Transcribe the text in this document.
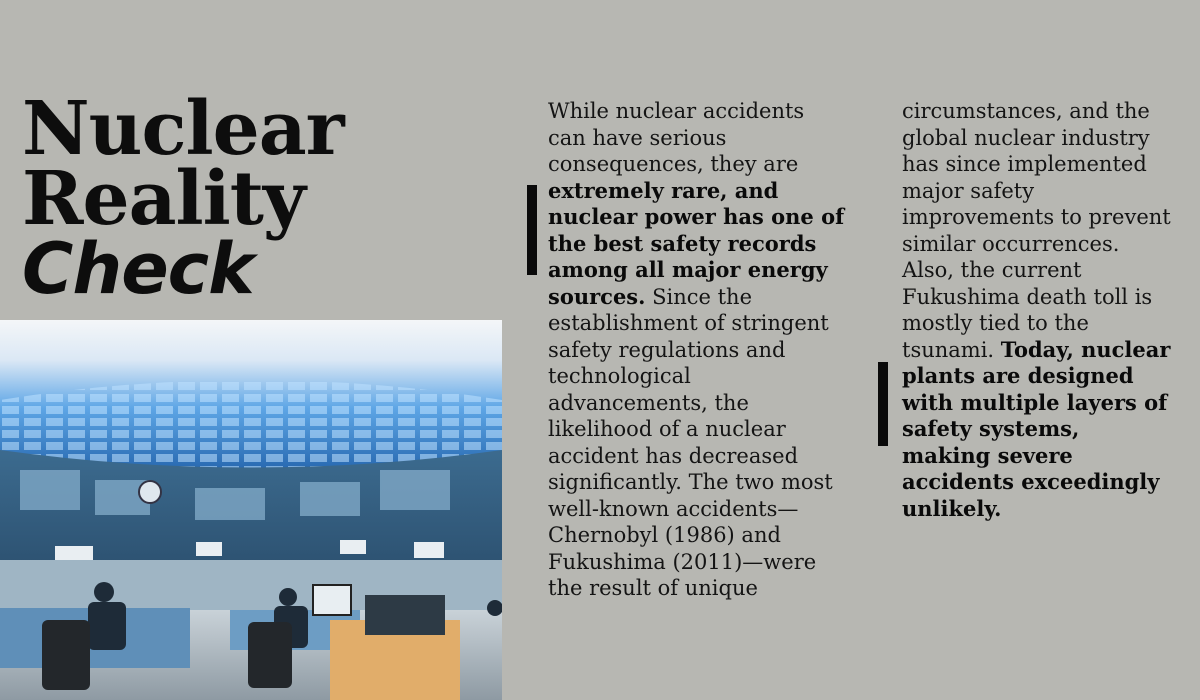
Nuclear
Reality
Check
While nuclear accidents can have serious consequences, they are extremely rare, and nuclear power has one of the best safety records among all major energy sources. Since the establishment of stringent safety regulations and technological advancements, the likelihood of a nuclear accident has decreased significantly. The two most well-known accidents—Chernobyl (1986) and Fukushima (2011)—were the result of unique
circumstances, and the global nuclear industry has since implemented major safety improvements to prevent similar occurrences. Also, the current Fukushima death toll is mostly tied to the tsunami. Today, nuclear plants are designed with multiple layers of safety systems, making severe accidents exceedingly unlikely.
